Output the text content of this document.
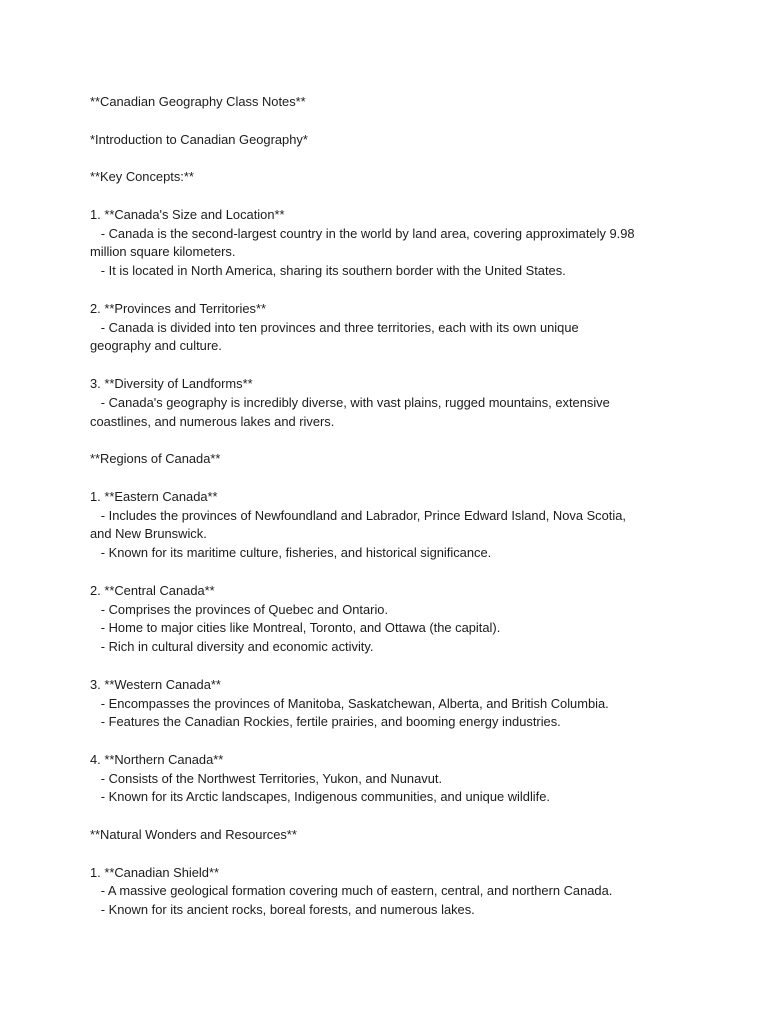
**Canadian Geography Class Notes**
*Introduction to Canadian Geography*
**Key Concepts:**
1. **Canada's Size and Location**
- Canada is the second-largest country in the world by land area, covering approximately 9.98
million square kilometers.
- It is located in North America, sharing its southern border with the United States.
2. **Provinces and Territories**
- Canada is divided into ten provinces and three territories, each with its own unique
geography and culture.
3. **Diversity of Landforms**
- Canada's geography is incredibly diverse, with vast plains, rugged mountains, extensive
coastlines, and numerous lakes and rivers.
**Regions of Canada**
1. **Eastern Canada**
- Includes the provinces of Newfoundland and Labrador, Prince Edward Island, Nova Scotia,
and New Brunswick.
- Known for its maritime culture, fisheries, and historical significance.
2. **Central Canada**
- Comprises the provinces of Quebec and Ontario.
- Home to major cities like Montreal, Toronto, and Ottawa (the capital).
- Rich in cultural diversity and economic activity.
3. **Western Canada**
- Encompasses the provinces of Manitoba, Saskatchewan, Alberta, and British Columbia.
- Features the Canadian Rockies, fertile prairies, and booming energy industries.
4. **Northern Canada**
- Consists of the Northwest Territories, Yukon, and Nunavut.
- Known for its Arctic landscapes, Indigenous communities, and unique wildlife.
**Natural Wonders and Resources**
1. **Canadian Shield**
- A massive geological formation covering much of eastern, central, and northern Canada.
- Known for its ancient rocks, boreal forests, and numerous lakes.
